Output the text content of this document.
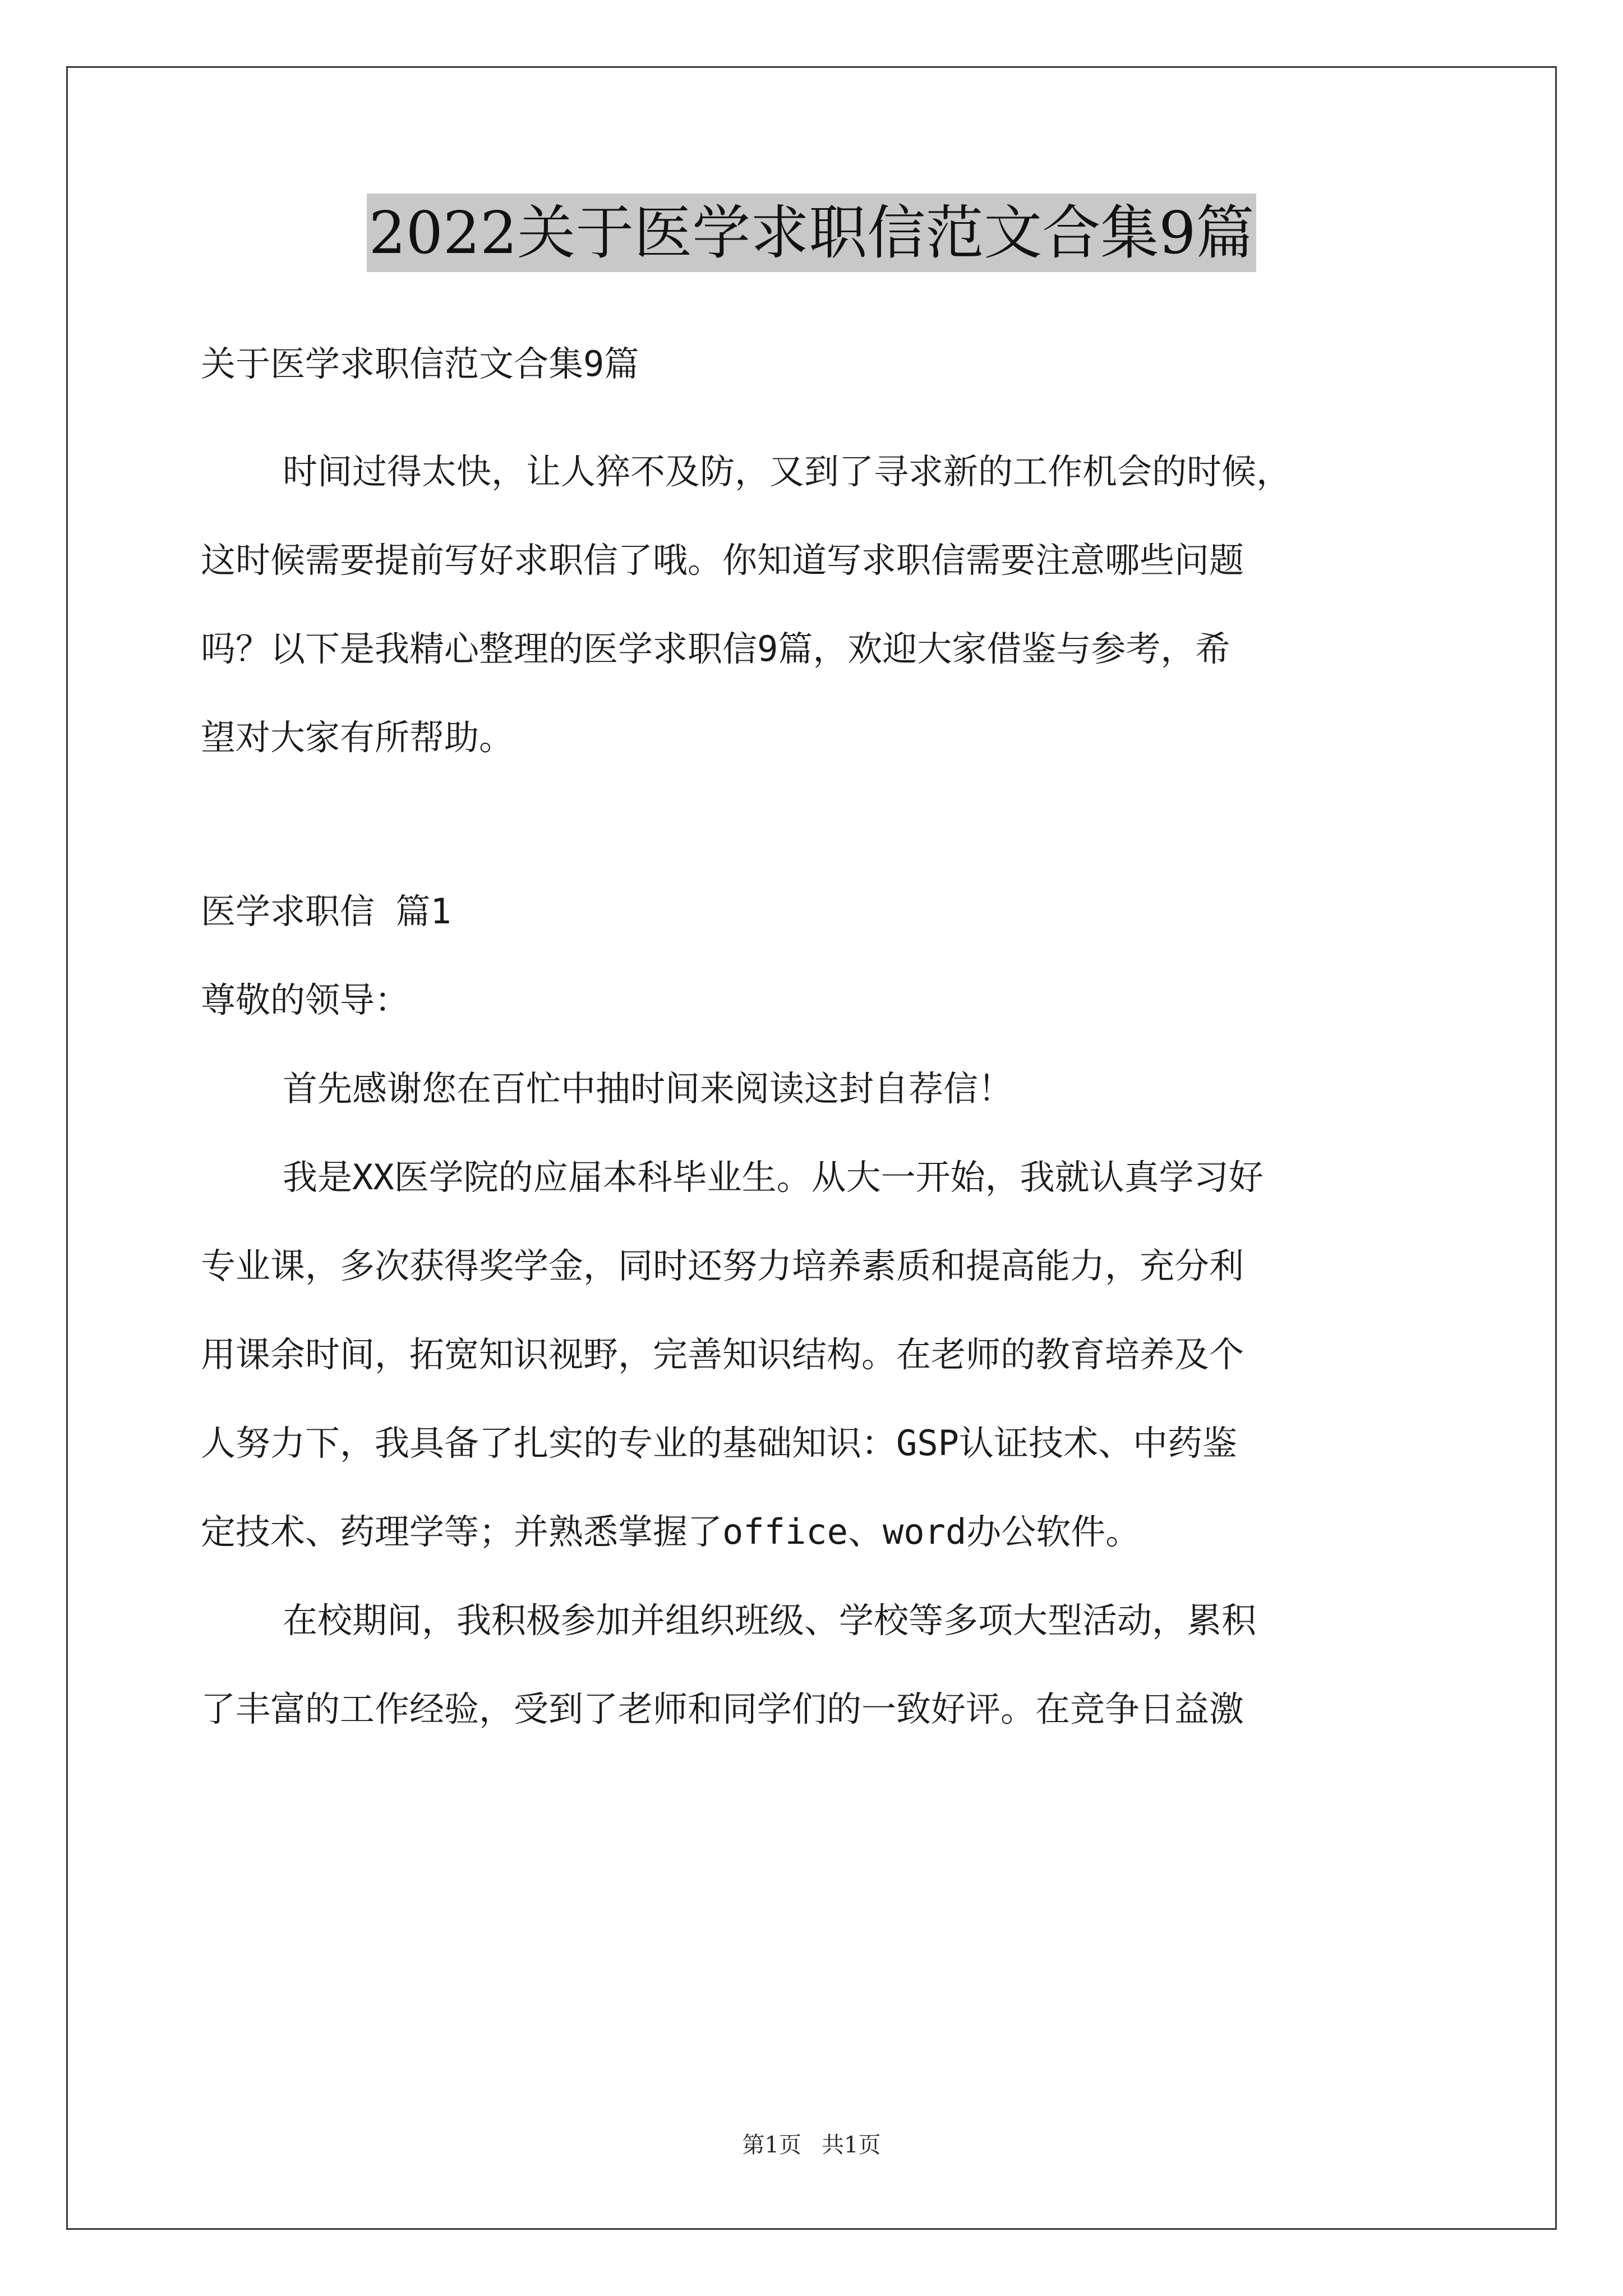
2022关于医学求职信范文合集9篇
关于医学求职信范文合集9篇
时间过得太快，让人猝不及防，又到了寻求新的工作机会的时候，
这时候需要提前写好求职信了哦。你知道写求职信需要注意哪些问题
吗？以下是我精心整理的医学求职信9篇，欢迎大家借鉴与参考，希
望对大家有所帮助。
医学求职信 篇1
尊敬的领导：
首先感谢您在百忙中抽时间来阅读这封自荐信！
我是XX医学院的应届本科毕业生。从大一开始，我就认真学习好
专业课，多次获得奖学金，同时还努力培养素质和提高能力，充分利
用课余时间，拓宽知识视野，完善知识结构。在老师的教育培养及个
人努力下，我具备了扎实的专业的基础知识：GSP认证技术、中药鉴
定技术、药理学等；并熟悉掌握了office、word办公软件。
在校期间，我积极参加并组织班级、学校等多项大型活动，累积
了丰富的工作经验，受到了老师和同学们的一致好评。在竞争日益激
第1页 共1页
